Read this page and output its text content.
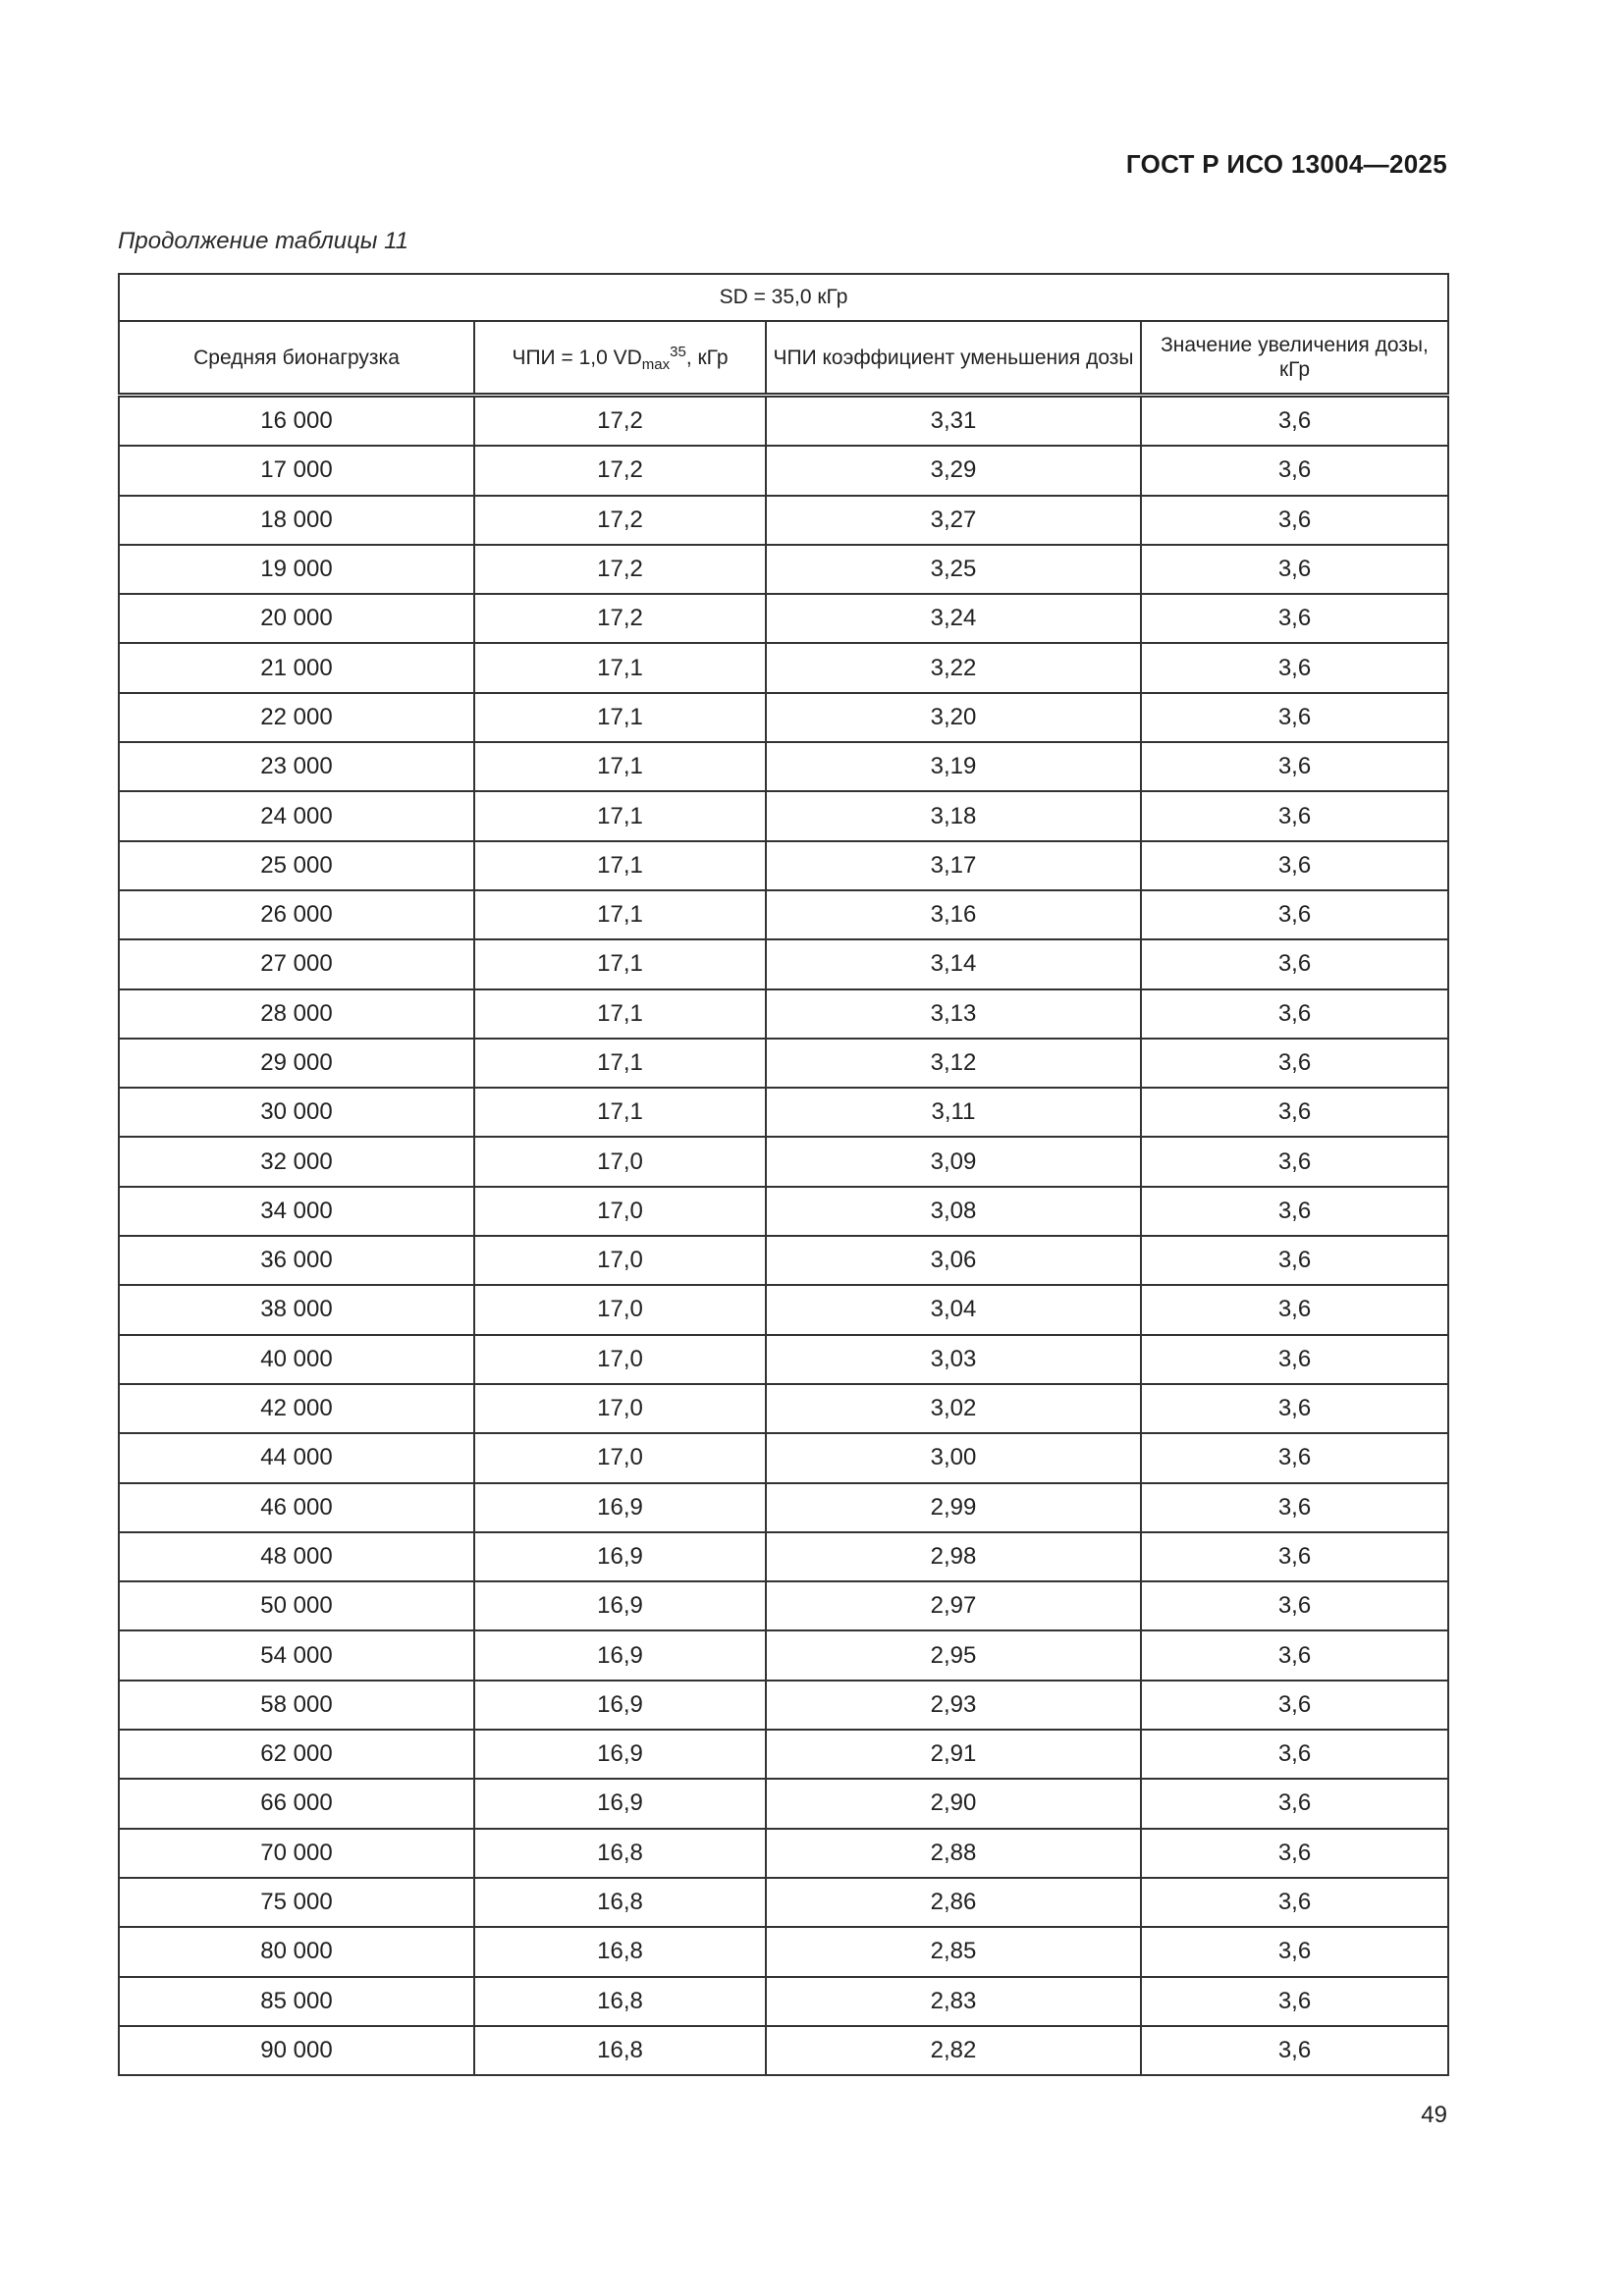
ГОСТ Р ИСО 13004—2025
Продолжение таблицы 11
SD = 35,0 кГр			
Средняя бионагрузка	ЧПИ = 1,0 $VD_{max}^{35}$, кГр	ЧПИ коэффициент уменьшения дозы	Значение увеличения дозы, кГр
16 000	17,2	3,31	3,6
17 000	17,2	3,29	3,6
18 000	17,2	3,27	3,6
19 000	17,2	3,25	3,6
20 000	17,2	3,24	3,6
21 000	17,1	3,22	3,6
22 000	17,1	3,20	3,6
23 000	17,1	3,19	3,6
24 000	17,1	3,18	3,6
25 000	17,1	3,17	3,6
26 000	17,1	3,16	3,6
27 000	17,1	3,14	3,6
28 000	17,1	3,13	3,6
29 000	17,1	3,12	3,6
30 000	17,1	3,11	3,6
32 000	17,0	3,09	3,6
34 000	17,0	3,08	3,6
36 000	17,0	3,06	3,6
38 000	17,0	3,04	3,6
40 000	17,0	3,03	3,6
42 000	17,0	3,02	3,6
44 000	17,0	3,00	3,6
46 000	16,9	2,99	3,6
48 000	16,9	2,98	3,6
50 000	16,9	2,97	3,6
54 000	16,9	2,95	3,6
58 000	16,9	2,93	3,6
62 000	16,9	2,91	3,6
66 000	16,9	2,90	3,6
70 000	16,8	2,88	3,6
75 000	16,8	2,86	3,6
80 000	16,8	2,85	3,6
85 000	16,8	2,83	3,6
90 000	16,8	2,82	3,6
49
